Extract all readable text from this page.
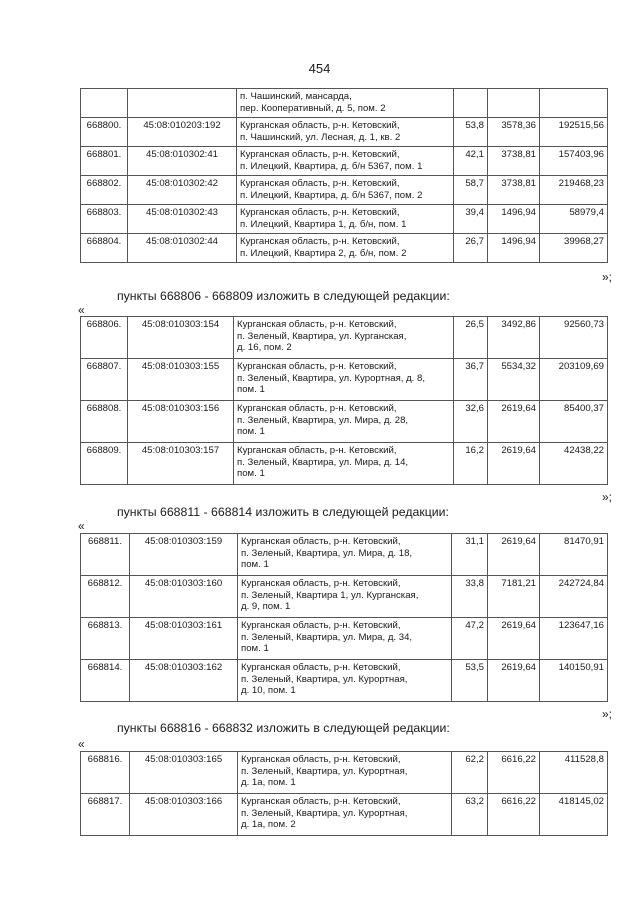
454
		п. Чашинский, мансарда,
пер. Кооперативный, д. 5, пом. 2			
668800.	45:08:010203:192	Курганская область, р-н. Кетовский,
п. Чашинский, ул. Лесная, д. 1, кв. 2	53,8	3578,36	192515,56
668801.	45:08:010302:41	Курганская область, р-н. Кетовский,
п. Илецкий, Квартира, д. б/н 5367, пом. 1	42,1	3738,81	157403,96
668802.	45:08:010302:42	Курганская область, р-н. Кетовский,
п. Илецкий, Квартира, д. б/н 5367, пом. 2	58,7	3738,81	219468,23
668803.	45:08:010302:43	Курганская область, р-н. Кетовский,
п. Илецкий, Квартира 1, д. б/н, пом. 1	39,4	1496,94	58979,4
668804.	45:08:010302:44	Курганская область, р-н. Кетовский,
п. Илецкий, Квартира 2, д. б/н, пом. 2	26,7	1496,94	39968,27
»;
пункты 668806 - 668809 изложить в следующей редакции:
«
668806.	45:08:010303:154	Курганская область, р-н. Кетовский,
п. Зеленый, Квартира, ул. Курганская,
д. 16, пом. 2	26,5	3492,86	92560,73
668807.	45:08:010303:155	Курганская область, р-н. Кетовский,
п. Зеленый, Квартира, ул. Курортная, д. 8,
пом. 1	36,7	5534,32	203109,69
668808.	45:08:010303:156	Курганская область, р-н. Кетовский,
п. Зеленый, Квартира, ул. Мира, д. 28,
пом. 1	32,6	2619,64	85400,37
668809.	45:08:010303:157	Курганская область, р-н. Кетовский,
п. Зеленый, Квартира, ул. Мира, д. 14,
пом. 1	16,2	2619,64	42438,22
»;
пункты 668811 - 668814 изложить в следующей редакции:
«
668811.	45:08:010303:159	Курганская область, р-н. Кетовский,
п. Зеленый, Квартира, ул. Мира, д. 18,
пом. 1	31,1	2619,64	81470,91
668812.	45:08:010303:160	Курганская область, р-н. Кетовский,
п. Зеленый, Квартира 1, ул. Курганская,
д. 9, пом. 1	33,8	7181,21	242724,84
668813.	45:08:010303:161	Курганская область, р-н. Кетовский,
п. Зеленый, Квартира, ул. Мира, д. 34,
пом. 1	47,2	2619,64	123647,16
668814.	45:08:010303:162	Курганская область, р-н. Кетовский,
п. Зеленый, Квартира, ул. Курортная,
д. 10, пом. 1	53,5	2619,64	140150,91
»;
пункты 668816 - 668832 изложить в следующей редакции:
«
668816.	45:08:010303:165	Курганская область, р-н. Кетовский,
п. Зеленый, Квартира, ул. Курортная,
д. 1а, пом. 1	62,2	6616,22	411528,8
668817.	45:08:010303:166	Курганская область, р-н. Кетовский,
п. Зеленый, Квартира, ул. Курортная,
д. 1а, пом. 2	63,2	6616,22	418145,02
